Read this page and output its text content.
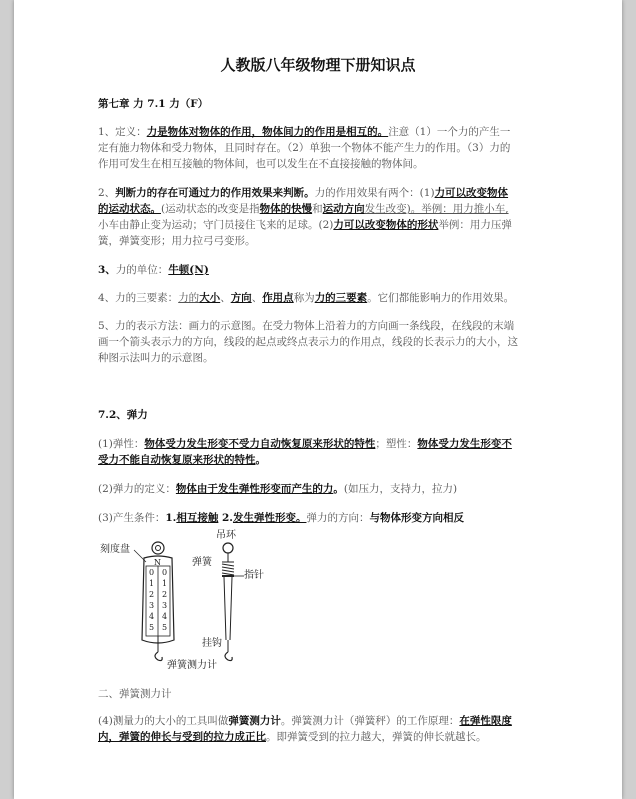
人教版八年级物理下册知识点
第七章 力 7.1 力（F）
1、定义：力是物体对物体的作用，物体间力的作用是相互的。注意（1）一个力的产生一
定有施力物体和受力物体，且同时存在。（2）单独一个物体不能产生力的作用。（3）力的
作用可发生在相互接触的物体间，也可以发生在不直接接触的物体间。
2、判断力的存在可通过力的作用效果来判断。力的作用效果有两个：(1)力可以改变物体
的运动状态。(运动状态的改变是指物体的快慢和运动方向发生改变)。举例：用力推小车,
小车由静止变为运动；守门员接住飞来的足球。(2)力可以改变物体的形状举例：用力压弹
簧，弹簧变形；用力拉弓弓变形。
3、力的单位：牛顿(N)
4、力的三要素：力的大小、方向、作用点称为力的三要素。它们都能影响力的作用效果。
5、力的表示方法：画力的示意图。在受力物体上沿着力的方向画一条线段，在线段的末端
画一个箭头表示力的方向，线段的起点或终点表示力的作用点，线段的长表示力的大小，这
种图示法叫力的示意图。
7.2、弹力
(1)弹性：物体受力发生形变不受力自动恢复原来形状的特性；塑性：物体受力发生形变不
受力不能自动恢复原来形状的特性。
(2)弹力的定义：物体由于发生弹性形变而产生的力。(如压力，支持力，拉力)
(3)产生条件：1.相互接触 2.发生弹性形变。弹力的方向：与物体形变方向相反
N
0
1
2
3
4
5
0
1
2
3
4
5
刻度盘
吊环
弹簧
指针
挂钩
弹簧测力计
二、弹簧测力计
(4)测量力的大小的工具叫做弹簧测力计。弹簧测力计（弹簧秤）的工作原理：在弹性限度
内，弹簧的伸长与受到的拉力成正比。即弹簧受到的拉力越大，弹簧的伸长就越长。
